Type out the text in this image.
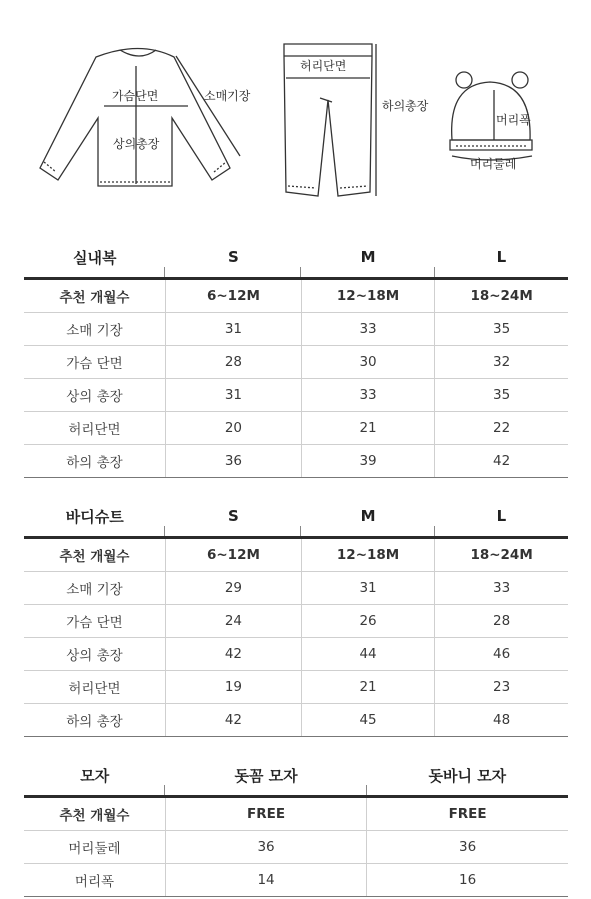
가슴단면	소매기장
상의총장
허리단면
하의총장
머리폭
머리둘레
실내복	S	M	L
추천 개월수	6~12M	12~18M	18~24M
소매 기장	31	33	35
가슴 단면	28	30	32
상의 총장	31	33	35
허리단면	20	21	22
하의 총장	36	39	42
바디슈트	S	M	L
추천 개월수	6~12M	12~18M	18~24M
소매 기장	29	31	33
가슴 단면	24	26	28
상의 총장	42	44	46
허리단면	19	21	23
하의 총장	42	45	48
모자	돗꼼 모자	돗바니 모자
추천 개월수	FREE	FREE
머리둘레	36	36
머리폭	14	16
